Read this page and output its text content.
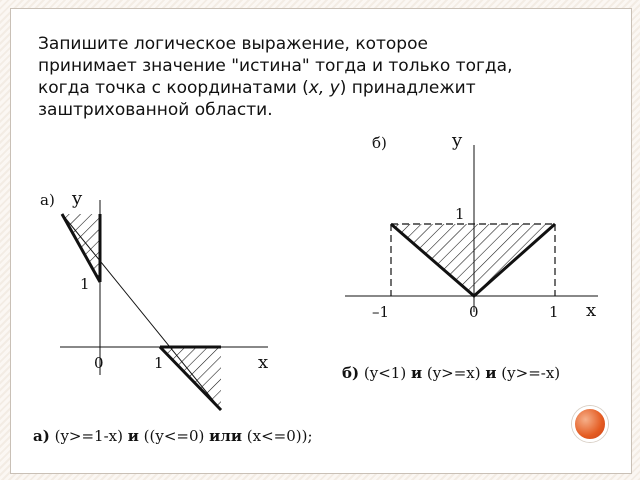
Запишите логическое выражение, которое
принимает значение "истина" тогда и только тогда,
когда точка с координатами (x, y) принадлежит
заштрихованной области.
а) y
1
0	1	x
б)	y
1
–1	0	1 x
б) (y<1) и (y>=x) и (y>=-x)
а) (y>=1-x) и ((y<=0) или (x<=0));
